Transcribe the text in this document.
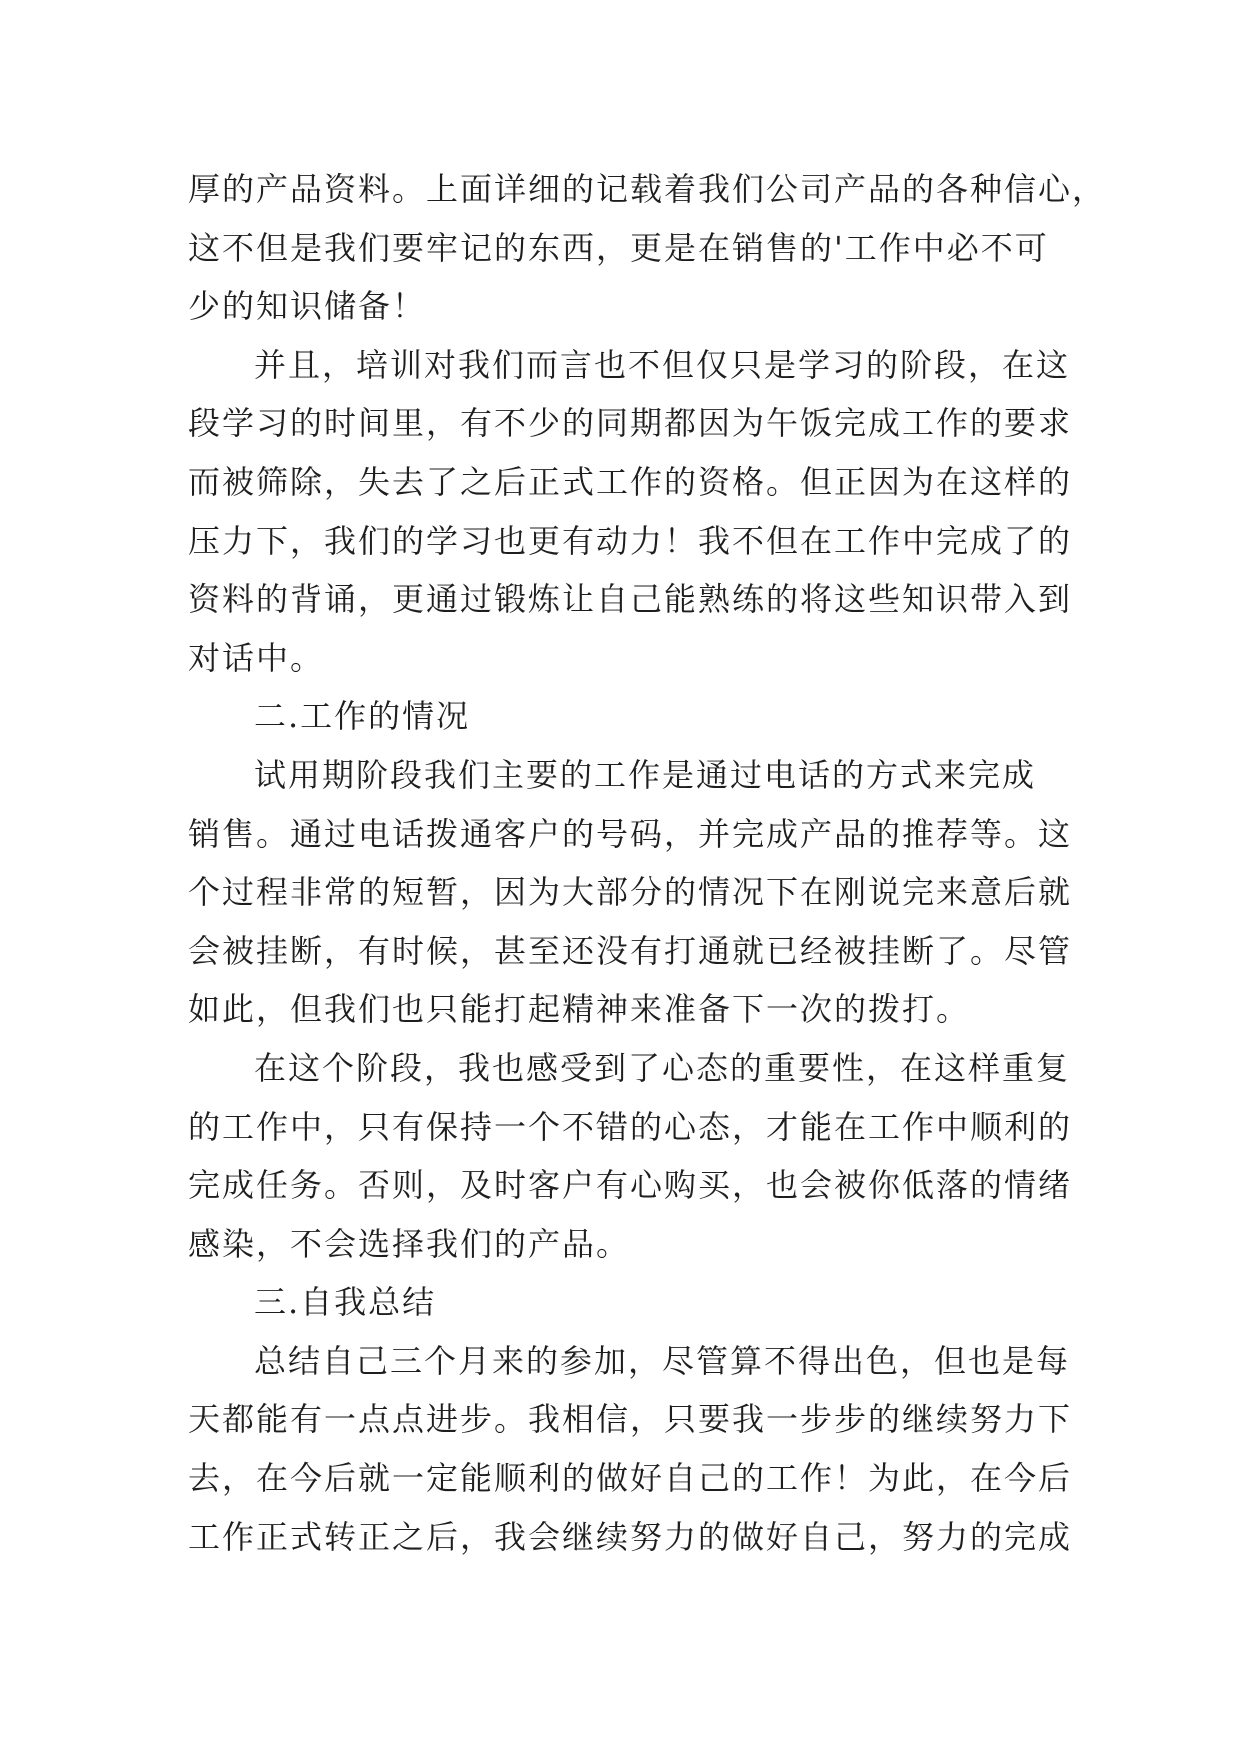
厚的产品资料。上面详细的记载着我们公司产品的各种信心，
这不但是我们要牢记的东西，更是在销售的'工作中必不可
少的知识储备！
并且，培训对我们而言也不但仅只是学习的阶段，在这
段学习的时间里，有不少的同期都因为午饭完成工作的要求
而被筛除，失去了之后正式工作的资格。但正因为在这样的
压力下，我们的学习也更有动力！我不但在工作中完成了的
资料的背诵，更通过锻炼让自己能熟练的将这些知识带入到
对话中。
二.工作的情况
试用期阶段我们主要的工作是通过电话的方式来完成
销售。通过电话拨通客户的号码，并完成产品的推荐等。这
个过程非常的短暂，因为大部分的情况下在刚说完来意后就
会被挂断，有时候，甚至还没有打通就已经被挂断了。尽管
如此，但我们也只能打起精神来准备下一次的拨打。
在这个阶段，我也感受到了心态的重要性，在这样重复
的工作中，只有保持一个不错的心态，才能在工作中顺利的
完成任务。否则，及时客户有心购买，也会被你低落的情绪
感染，不会选择我们的产品。
三.自我总结
总结自己三个月来的参加，尽管算不得出色，但也是每
天都能有一点点进步。我相信，只要我一步步的继续努力下
去，在今后就一定能顺利的做好自己的工作！为此，在今后
工作正式转正之后，我会继续努力的做好自己，努力的完成
